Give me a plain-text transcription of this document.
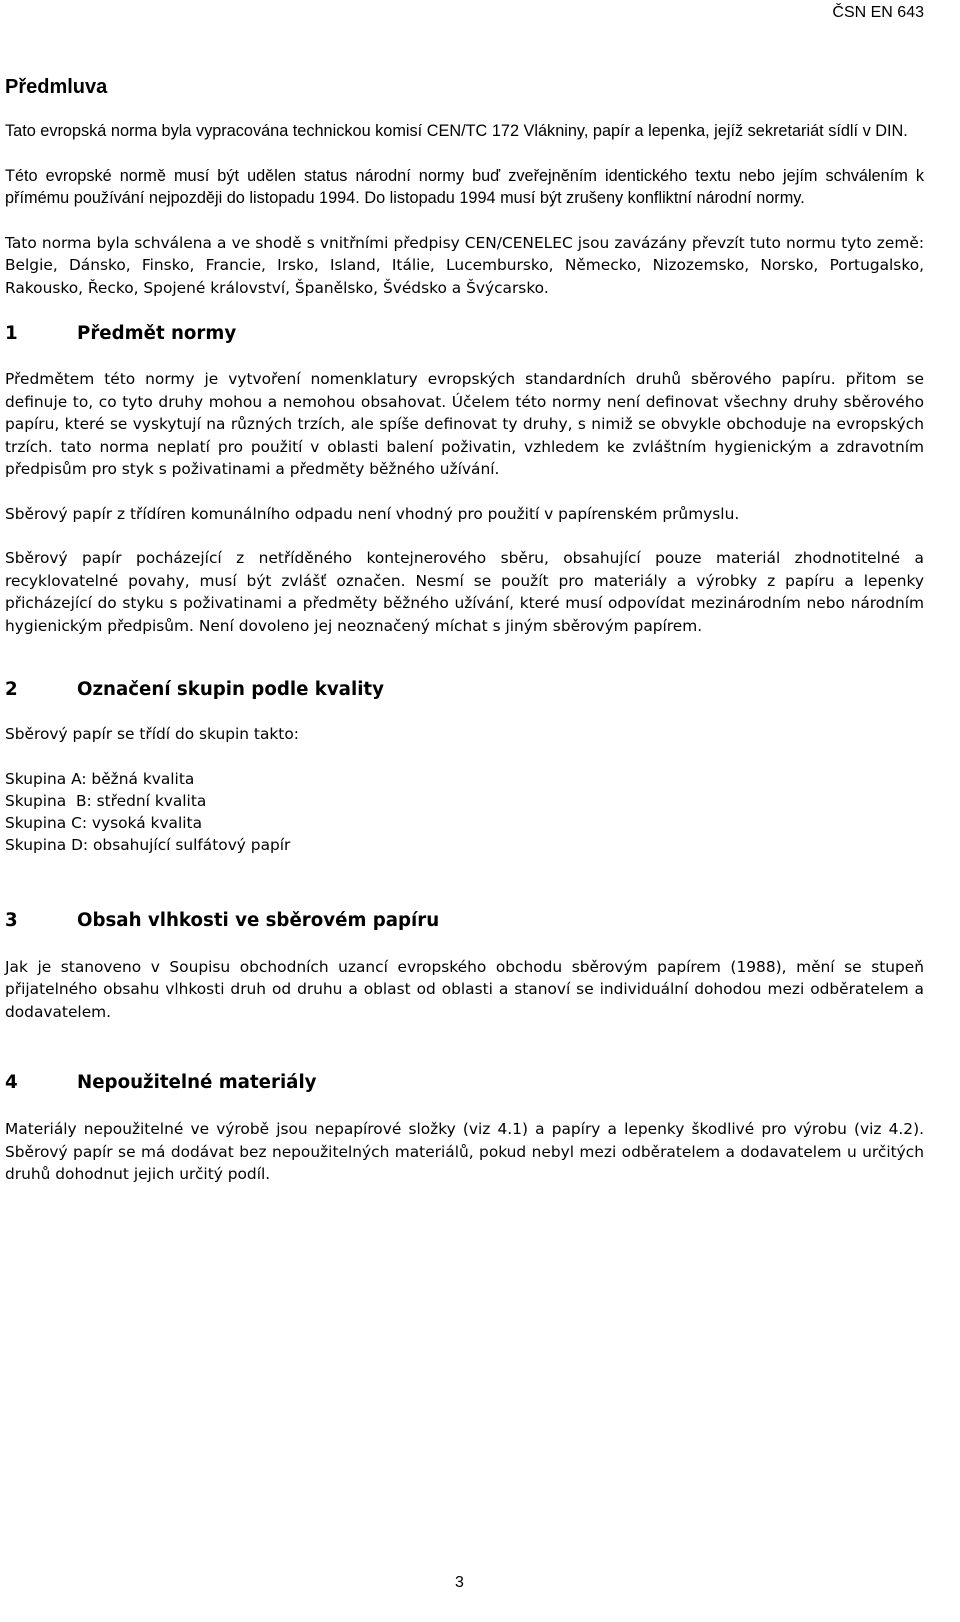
ČSN EN 643
Předmluva

Tato evropská norma byla vypracována technickou komisí CEN/TC 172 Vlákniny, papír a lepenka, jejíž sekretariát sídlí v DIN.

Této evropské normě musí být udělen status národní normy buď zveřejněním identického textu nebo jejím schválením k přímému používání nejpozději do listopadu 1994. Do listopadu 1994 musí být zrušeny konfliktní národní normy.

Tato norma byla schválena a ve shodě s vnitřními předpisy CEN/CENELEC jsou zavázány převzít tuto normu tyto země: Belgie, Dánsko, Finsko, Francie, Irsko, Island, Itálie, Lucembursko, Německo, Nizozemsko, Norsko, Portugalsko, Rakousko, Řecko, Spojené království, Španělsko, Švédsko a Švýcarsko.

1	Předmět normy

Předmětem této normy je vytvoření nomenklatury evropských standardních druhů sběrového papíru. přitom se definuje to, co tyto druhy mohou a nemohou obsahovat. Účelem této normy není definovat všechny druhy sběrového papíru, které se vyskytují na různých trzích, ale spíše definovat ty druhy, s nimiž se obvykle obchoduje na evropských trzích. tato norma neplatí pro použití v oblasti balení poživatin, vzhledem ke zvláštním hygienickým a zdravotním předpisům pro styk s poživatinami a předměty běžného užívání.

Sběrový papír z třídíren komunálního odpadu není vhodný pro použití v papírenském průmyslu.

Sběrový papír pocházející z netříděného kontejnerového sběru, obsahující pouze materiál zhodnotitelné a recyklovatelné povahy, musí být zvlášť označen. Nesmí se použít pro materiály a výrobky z papíru a lepenky přicházející do styku s poživatinami a předměty běžného užívání, které musí odpovídat mezinárodním nebo národním hygienickým předpisům. Není dovoleno jej neoznačený míchat s jiným sběrovým papírem.

2	Označení skupin podle kvality

Sběrový papír se třídí do skupin takto:

Skupina A: běžná kvalita
Skupina  B: střední kvalita
Skupina C: vysoká kvalita
Skupina D: obsahující sulfátový papír
3	Obsah vlhkosti ve sběrovém papíru

Jak je stanoveno v Soupisu obchodních uzancí evropského obchodu sběrovým papírem (1988), mění se stupeň přijatelného obsahu vlhkosti druh od druhu a oblast od oblasti a stanoví se individuální dohodou mezi odběratelem a dodavatelem.

4	Nepoužitelné materiály

Materiály nepoužitelné ve výrobě jsou nepapírové složky (viz 4.1) a papíry a lepenky škodlivé pro výrobu (viz 4.2). Sběrový papír se má dodávat bez nepoužitelných materiálů, pokud nebyl mezi odběratelem a dodavatelem u určitých druhů dohodnut jejich určitý podíl.

3
